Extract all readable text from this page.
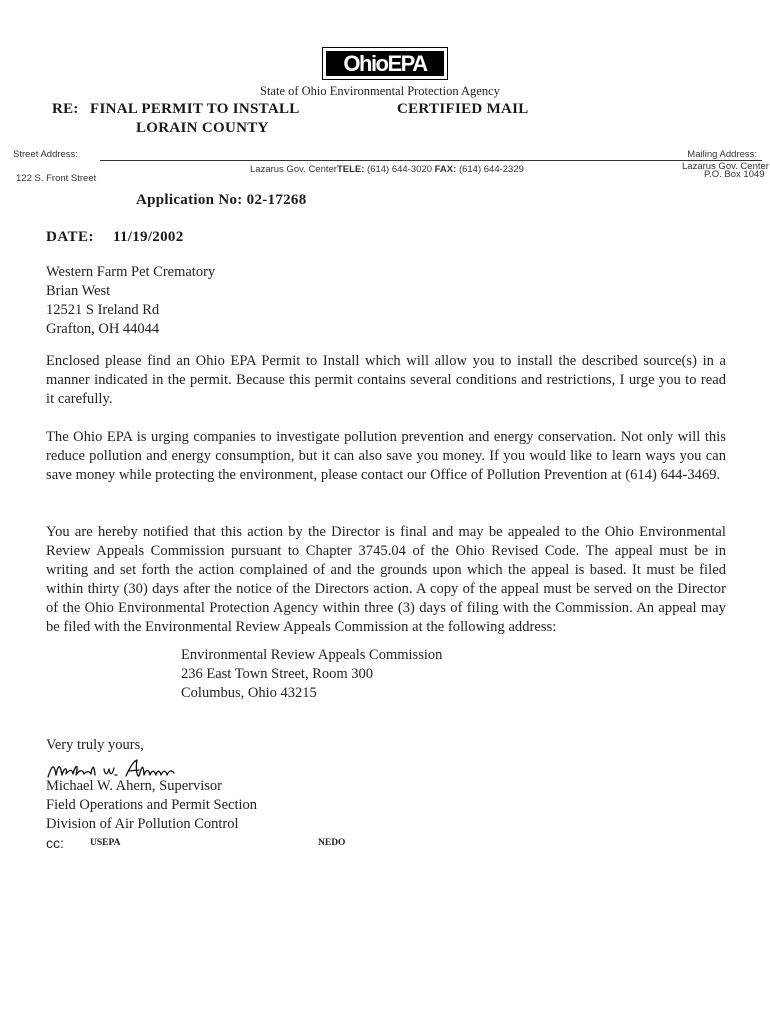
OhioEPA
State of Ohio Environmental Protection Agency
RE: FINAL PERMIT TO INSTALL
LORAIN COUNTY
CERTIFIED MAIL
Street Address:
122 S. Front Street
Mailing Address:
Lazarus Gov. Center
P.O. Box 1049
Lazarus Gov. CenterTELE: (614) 644-3020 FAX: (614) 644-2329
Application No: 02-17268
DATE: 11/19/2002
Western Farm Pet Crematory
Brian West
12521 S Ireland Rd
Grafton, OH 44044
Enclosed please find an Ohio EPA Permit to Install which will allow you to install the described source(s) in a manner indicated in the permit. Because this permit contains several conditions and restrictions, I urge you to read it carefully.
The Ohio EPA is urging companies to investigate pollution prevention and energy conservation. Not only will this reduce pollution and energy consumption, but it can also save you money. If you would like to learn ways you can save money while protecting the environment, please contact our Office of Pollution Prevention at (614) 644-3469.
You are hereby notified that this action by the Director is final and may be appealed to the Ohio Environmental Review Appeals Commission pursuant to Chapter 3745.04 of the Ohio Revised Code. The appeal must be in writing and set forth the action complained of and the grounds upon which the appeal is based. It must be filed within thirty (30) days after the notice of the Directors action. A copy of the appeal must be served on the Director of the Ohio Environmental Protection Agency within three (3) days of filing with the Commission. An appeal may be filed with the Environmental Review Appeals Commission at the following address:
Environmental Review Appeals Commission
236 East Town Street, Room 300
Columbus, Ohio 43215
Very truly yours,
Michael W. Ahern, Supervisor
Field Operations and Permit Section
Division of Air Pollution Control
cc:	USEPA	NEDO
